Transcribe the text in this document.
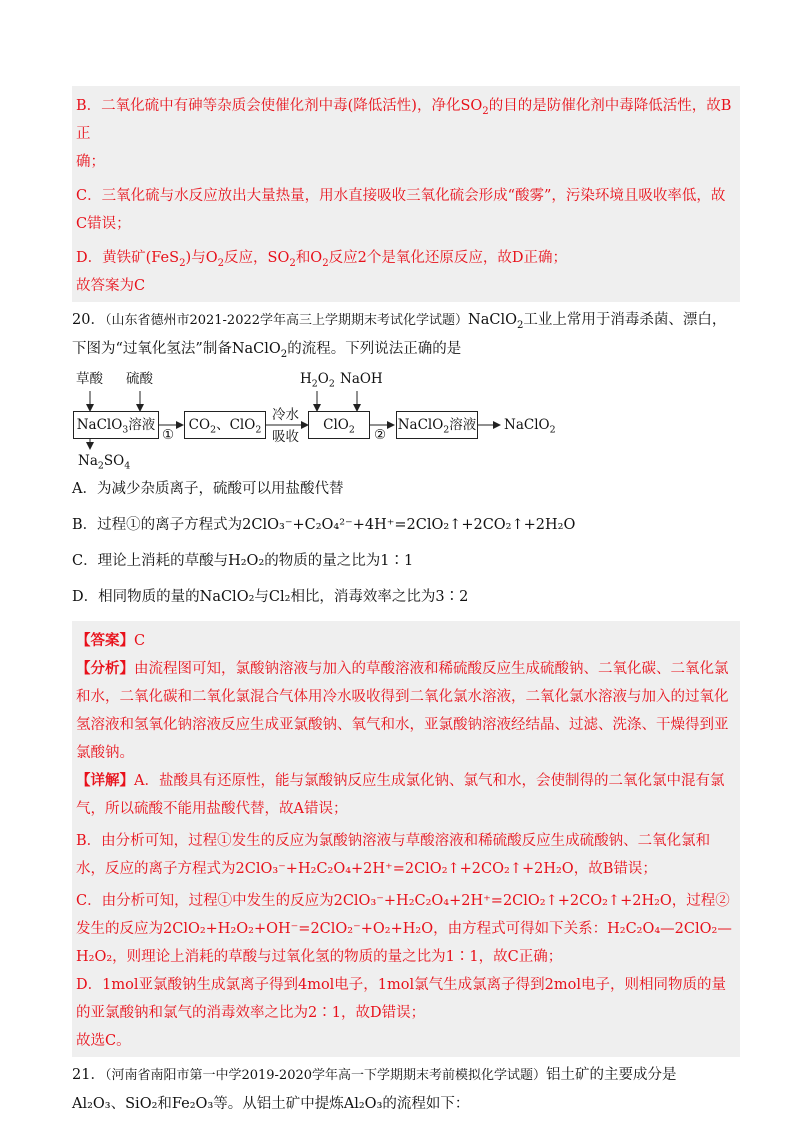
B．二氧化硫中有砷等杂质会使催化剂中毒(降低活性)，净化$SO_2$的目的是防催化剂中毒降低活性，故B正
确；

C．三氧化硫与水反应放出大量热量，用水直接吸收三氧化硫会形成“酸雾”，污染环境且吸收率低，故
C错误；

D．黄铁矿(FeS$_2$)与$O_2$反应，$SO_2$和$O_2$反应2个是氧化还原反应，故D正确；

故答案为C

20．（山东省德州市2021-2022学年高三上学期期末考试化学试题）NaClO$_2$工业上常用于消毒杀菌、漂白，
下图为“过氧化氢法”制备NaClO$_2$的流程。下列说法正确的是

草酸 硫酸
NaClO$_3$溶液
①
$Na_2SO_4$
$CO_2$、ClO$_2$
冷水
吸收
$H_2O_2$ NaOH
ClO$_2$	②
NaClO$_2$溶液 NaClO$_2$

A．为减少杂质离子，硫酸可以用盐酸代替

B．过程①的离子方程式为2ClO₃⁻+C₂O₄²⁻+4H⁺=2ClO₂↑+2CO₂↑+2H₂O

C．理论上消耗的草酸与H₂O₂的物质的量之比为1∶1

D．相同物质的量的NaClO₂与Cl₂相比，消毒效率之比为3∶2

【答案】C

【分析】由流程图可知，氯酸钠溶液与加入的草酸溶液和稀硫酸反应生成硫酸钠、二氧化碳、二氧化氯和水，二氧化碳和二氧化氯混合气体用冷水吸收得到二氧化氯水溶液，二氧化氯水溶液与加入的过氧化氢溶液和氢氧化钠溶液反应生成亚氯酸钠、氧气和水，亚氯酸钠溶液经结晶、过滤、洗涤、干燥得到亚氯酸钠。

【详解】A．盐酸具有还原性，能与氯酸钠反应生成氯化钠、氯气和水，会使制得的二氧化氯中混有氯气，所以硫酸不能用盐酸代替，故A错误；

B．由分析可知，过程①发生的反应为氯酸钠溶液与草酸溶液和稀硫酸反应生成硫酸钠、二氧化氯和水，反应的离子方程式为2ClO₃⁻+H₂C₂O₄+2H⁺=2ClO₂↑+2CO₂↑+2H₂O，故B错误；

C．由分析可知，过程①中发生的反应为2ClO₃⁻+H₂C₂O₄+2H⁺=2ClO₂↑+2CO₂↑+2H₂O，过程②发生的反应为2ClO₂+H₂O₂+OH⁻=2ClO₂⁻+O₂+H₂O，由方程式可得如下关系：H₂C₂O₄—2ClO₂—H₂O₂，则理论上消耗的草酸与过氧化氢的物质的量之比为1∶1，故C正确；

D．1mol亚氯酸钠生成氯离子得到4mol电子，1mol氯气生成氯离子得到2mol电子，则相同物质的量的亚氯酸钠和氯气的消毒效率之比为2∶1，故D错误；

故选C。

21．（河南省南阳市第一中学2019-2020学年高一下学期期末考前模拟化学试题）铝土矿的主要成分是
Al₂O₃、SiO₂和Fe₂O₃等。从铝土矿中提炼Al₂O₃的流程如下：
